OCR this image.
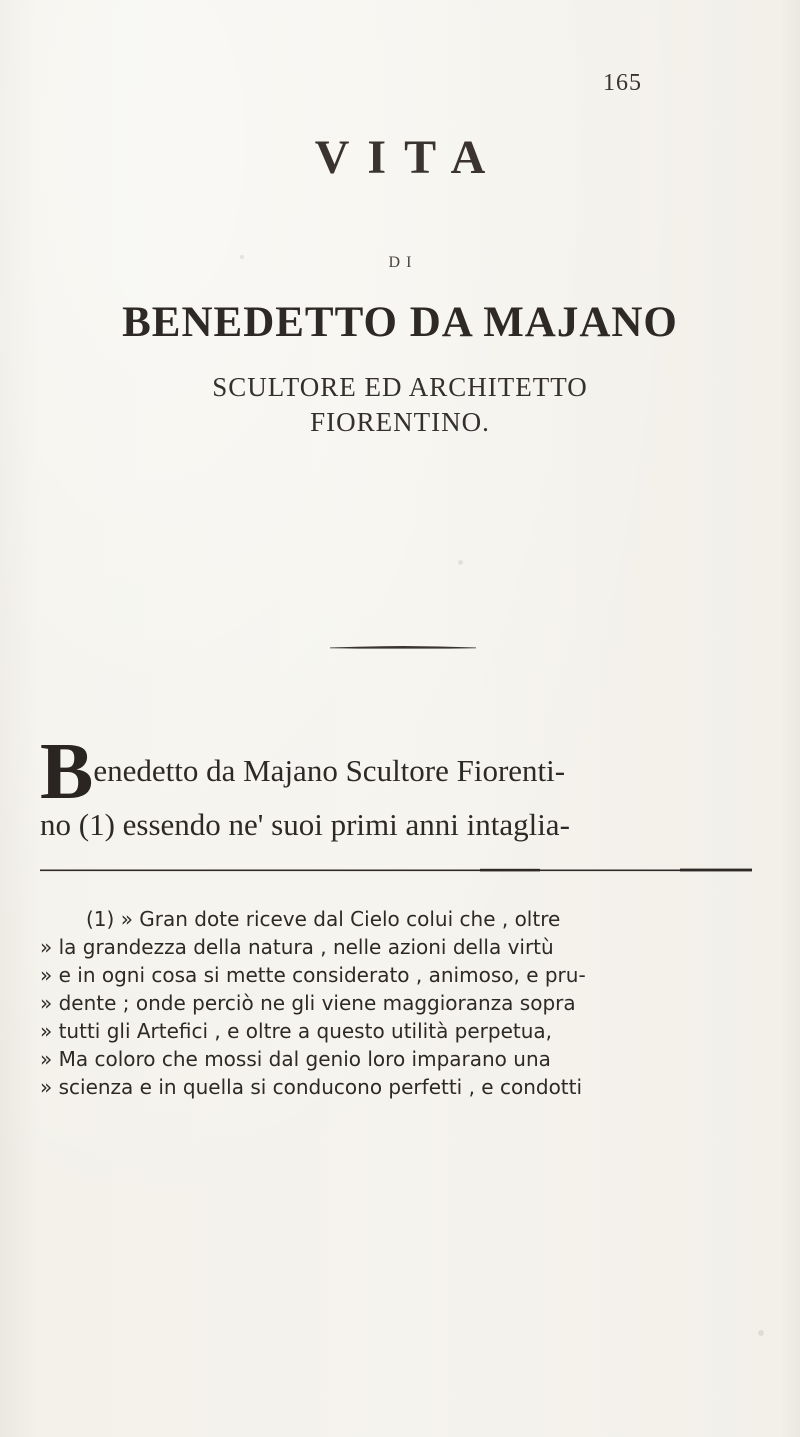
165
VITA
DI
BENEDETTO DA MAJANO
SCULTORE ED ARCHITETTO
FIORENTINO.
Benedetto da Majano Scultore Fiorenti-
no (1) essendo ne' suoi primi anni intaglia-
(1) » Gran dote riceve dal Cielo colui che , oltre
» la grandezza della natura , nelle azioni della virtù
» e in ogni cosa si mette considerato , animoso, e pru-
» dente ; onde perciò ne gli viene maggioranza sopra
» tutti gli Artefici , e oltre a questo utilità perpetua,
» Ma coloro che mossi dal genio loro imparano una
» scienza e in quella si conducono perfetti , e condotti
